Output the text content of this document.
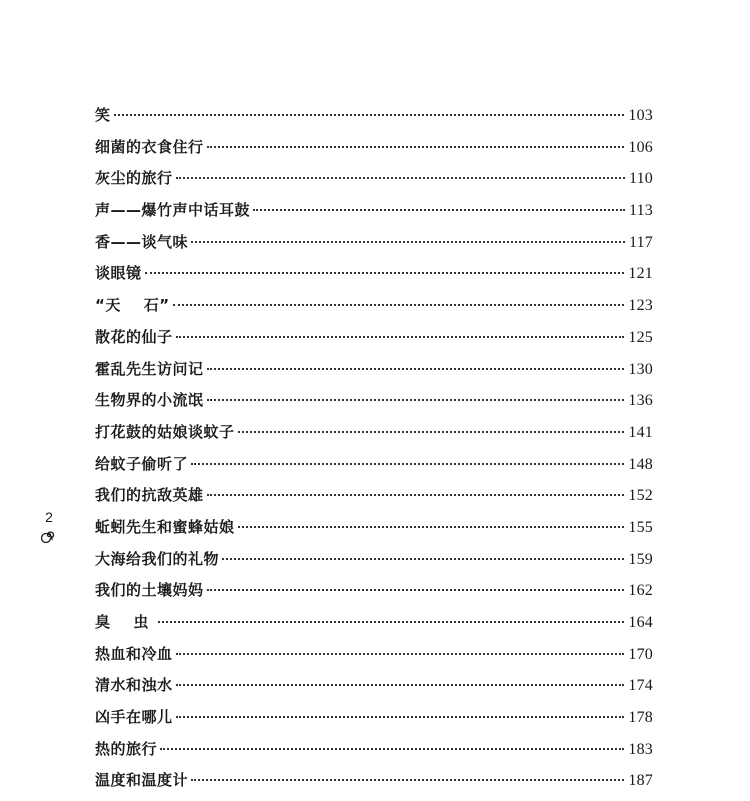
笑	103
细菌的衣食住行	106
灰尘的旅行	110
声——爆竹声中话耳鼓	113
香——谈气味	117
谈眼镜	121
“天    石”	123
散花的仙子	125
霍乱先生访问记	130
生物界的小流氓	136
打花鼓的姑娘谈蚊子	141
给蚊子偷听了	148
我们的抗敌英雄	152
蚯蚓先生和蜜蜂姑娘	155
大海给我们的礼物	159
我们的土壤妈妈	162
臭    虫	164
热血和冷血	170
清水和浊水	174
凶手在哪儿	178
热的旅行	183
温度和温度计	187
2
